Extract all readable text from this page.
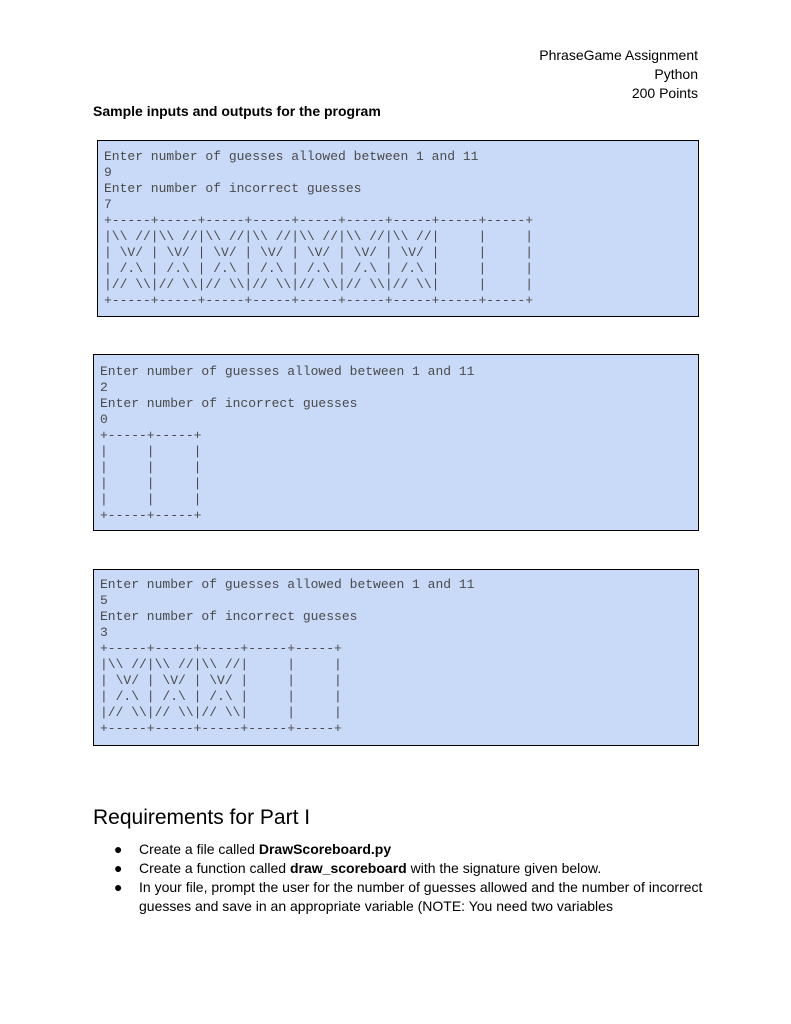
PhraseGame Assignment
Python
200 Points
Sample inputs and outputs for the program
Enter number of guesses allowed between 1 and 11
9
Enter number of incorrect guesses
7
+-----+-----+-----+-----+-----+-----+-----+-----+-----+
|\\ //|\\ //|\\ //|\\ //|\\ //|\\ //|\\ //|     |     |
| \V/ | \V/ | \V/ | \V/ | \V/ | \V/ | \V/ |     |     |
| /.\ | /.\ | /.\ | /.\ | /.\ | /.\ | /.\ |     |     |
|// \\|// \\|// \\|// \\|// \\|// \\|// \\|     |     |
+-----+-----+-----+-----+-----+-----+-----+-----+-----+
Enter number of guesses allowed between 1 and 11
2
Enter number of incorrect guesses
0
+-----+-----+
|     |     |
|     |     |
|     |     |
|     |     |
+-----+-----+
Enter number of guesses allowed between 1 and 11
5
Enter number of incorrect guesses
3
+-----+-----+-----+-----+-----+
|\\ //|\\ //|\\ //|     |     |
| \V/ | \V/ | \V/ |     |     |
| /.\ | /.\ | /.\ |     |     |
|// \\|// \\|// \\|     |     |
+-----+-----+-----+-----+-----+
Requirements for Part I
● Create a file called DrawScoreboard.py
● Create a function called draw_scoreboard with the signature given below.
● In your file, prompt the user for the number of guesses allowed and the number of incorrect guesses and save in an appropriate variable (NOTE: You need two variables
